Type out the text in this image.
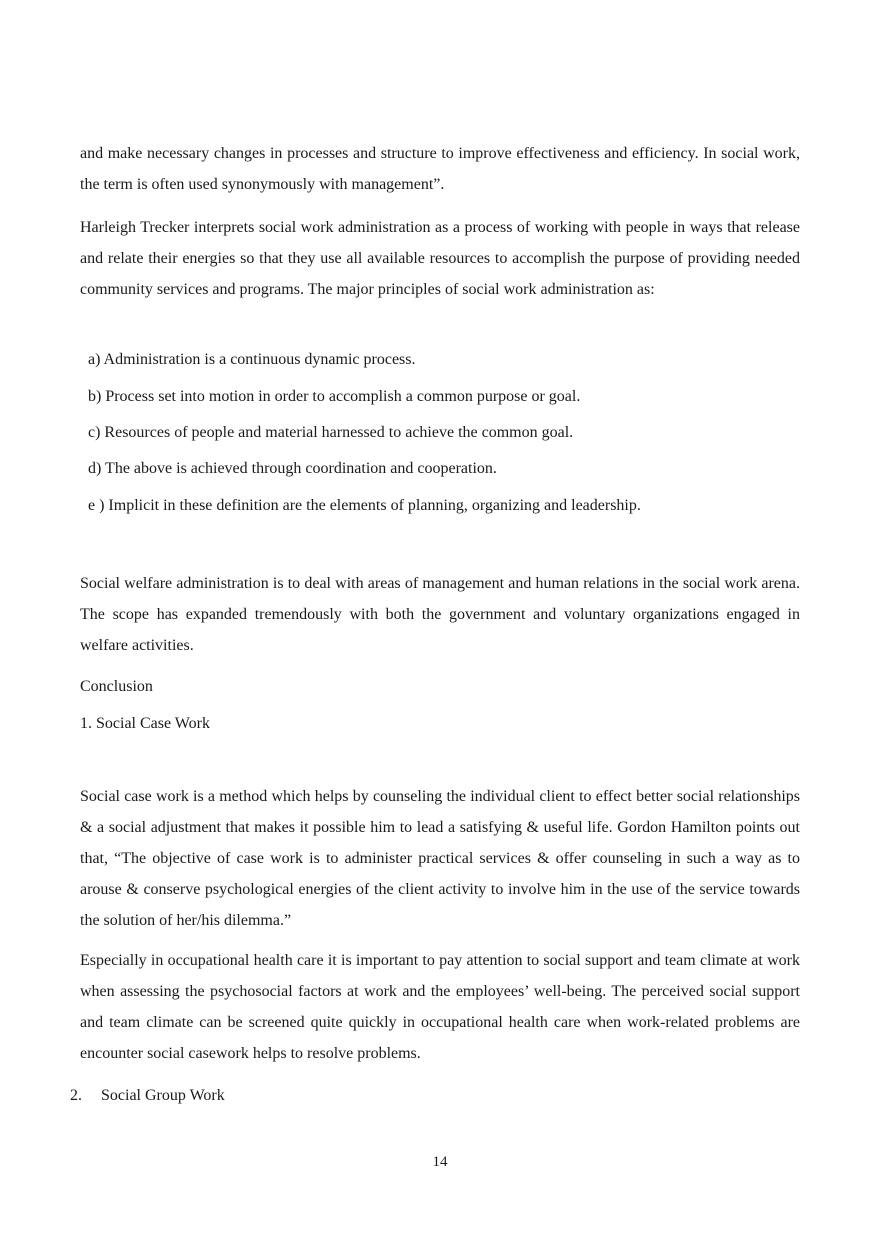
and make necessary changes in processes and structure to improve effectiveness and efficiency. In social work, the term is often used synonymously with management”.

Harleigh Trecker interprets social work administration as a process of working with people in ways that release and relate their energies so that they use all available resources to accomplish the purpose of providing needed community services and programs. The major principles of social work administration as:

a) Administration is a continuous dynamic process.

b) Process set into motion in order to accomplish a common purpose or goal.

c) Resources of people and material harnessed to achieve the common goal.

d) The above is achieved through coordination and cooperation.

e ) Implicit in these definition are the elements of planning, organizing and leadership.

Social welfare administration is to deal with areas of management and human relations in the social work arena. The scope has expanded tremendously with both the government and voluntary organizations engaged in welfare activities.

Conclusion

1. Social Case Work

Social case work is a method which helps by counseling the individual client to effect better social relationships & a social adjustment that makes it possible him to lead a satisfying & useful life. Gordon Hamilton points out that, “The objective of case work is to administer practical services & offer counseling in such a way as to arouse & conserve psychological energies of the client activity to involve him in the use of the service towards the solution of her/his dilemma.”

Especially in occupational health care it is important to pay attention to social support and team climate at work when assessing the psychosocial factors at work and the employees’ well-being. The perceived social support and team climate can be screened quite quickly in occupational health care when work-related problems are encounter social casework helps to resolve problems.

2. Social Group Work

14
